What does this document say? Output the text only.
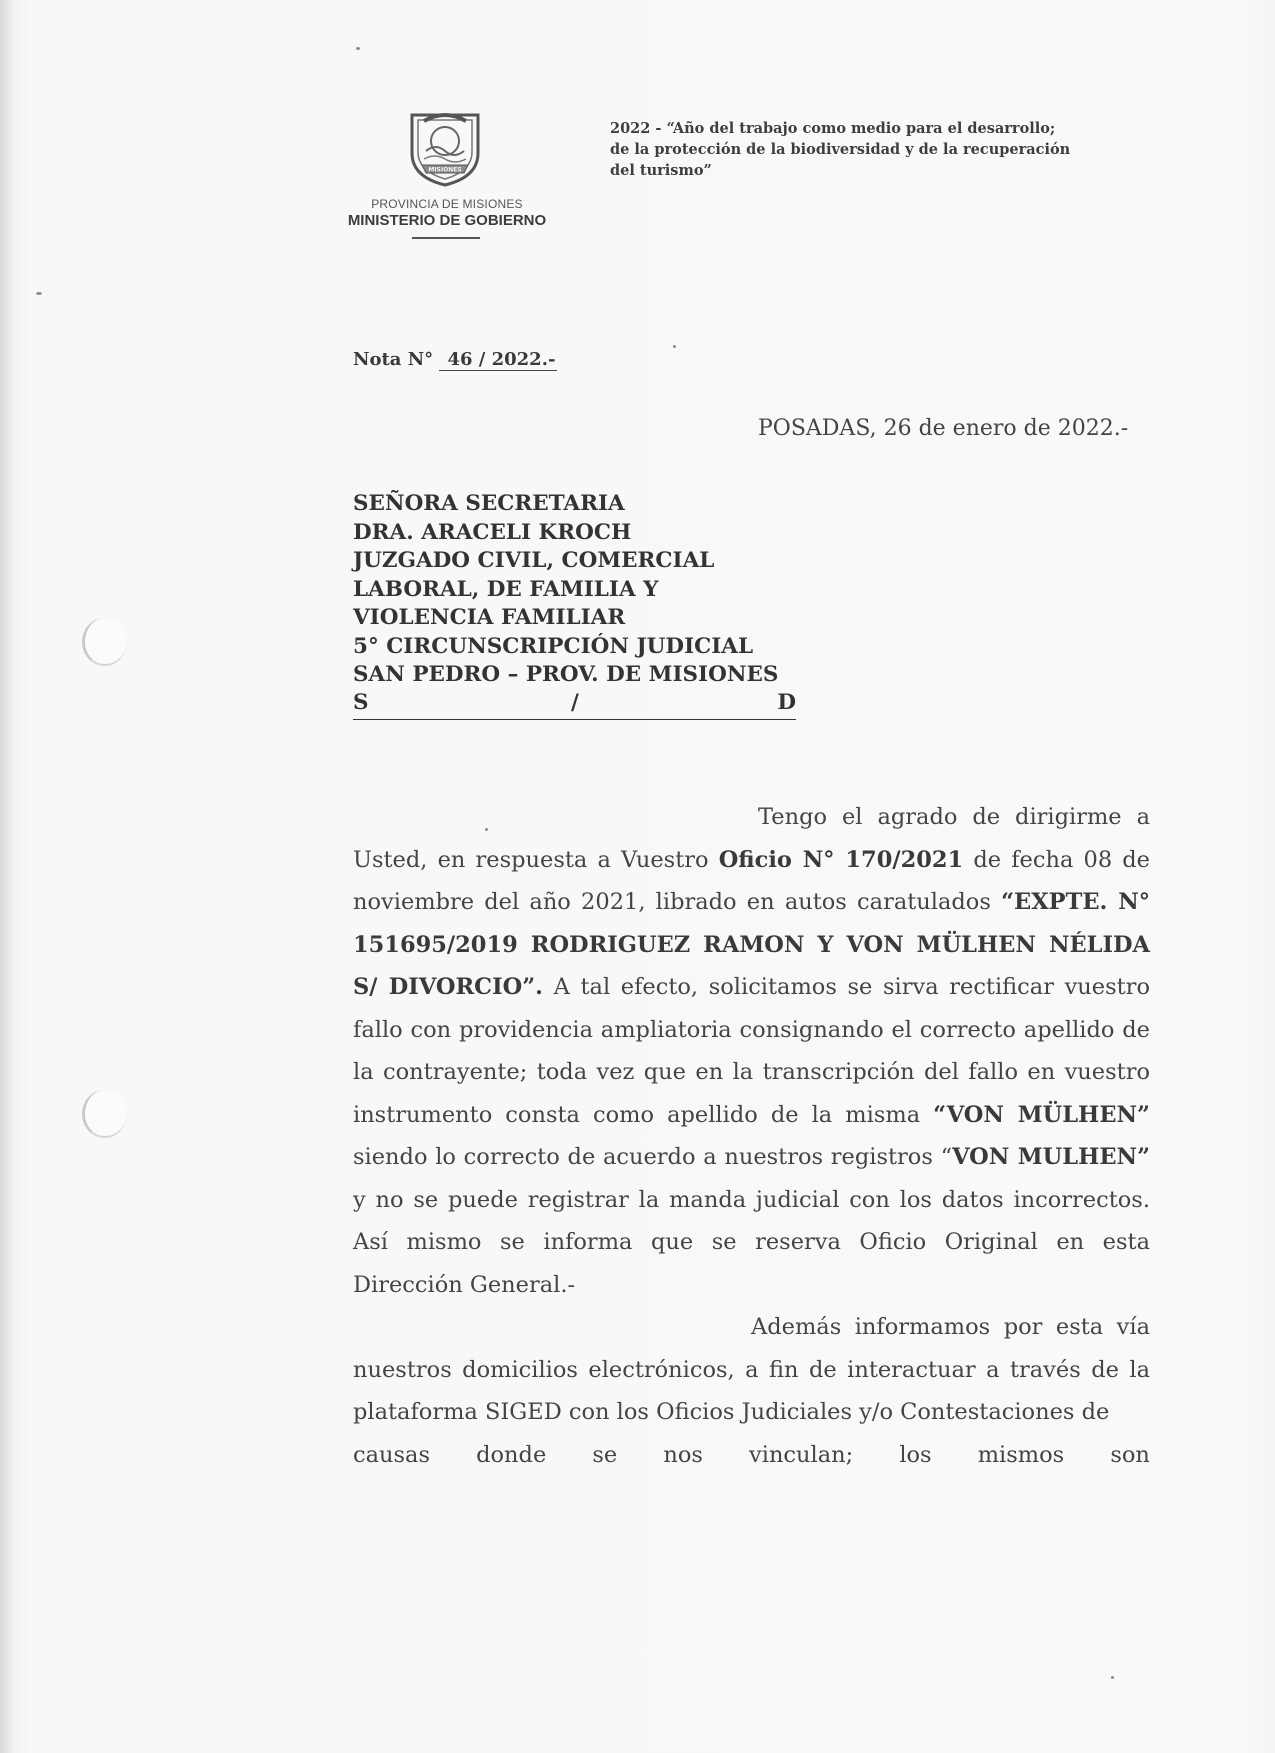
MISIONES
PROVINCIA DE MISIONES
MINISTERIO DE GOBIERNO
2022 - “Año del trabajo como medio para el desarrollo;
de la protección de la biodiversidad y de la recuperación
del turismo”
Nota N° 46 / 2022.-
POSADAS, 26 de enero de 2022.-
SEÑORA SECRETARIA
DRA. ARACELI KROCH
JUZGADO CIVIL, COMERCIAL
LABORAL, DE FAMILIA Y
VIOLENCIA FAMILIAR
5° CIRCUNSCRIPCIÓN JUDICIAL
SAN PEDRO – PROV. DE MISIONES
S	/	D

Tengo el agrado de dirigirme a Usted, en respuesta a Vuestro Oficio N° 170/2021 de fecha 08 de noviembre del año 2021, librado en autos caratulados “EXPTE. N° 151695/2019 RODRIGUEZ RAMON Y VON MÜLHEN NÉLIDA S/ DIVORCIO”. A tal efecto, solicitamos se sirva rectificar vuestro fallo con providencia ampliatoria consignando el correcto apellido de la contrayente; toda vez que en la transcripción del fallo en vuestro instrumento consta como apellido de la misma “VON MÜLHEN” siendo lo correcto de acuerdo a nuestros registros “VON MULHEN” y no se puede registrar la manda judicial con los datos incorrectos. Así mismo se informa que se reserva Oficio Original en esta Dirección General.-

Además informamos por esta vía nuestros domicilios electrónicos, a fin de interactuar a través de la plataforma SIGED con los Oficios Judiciales y/o Contestaciones de

causas donde se nos vinculan; los mismos son
